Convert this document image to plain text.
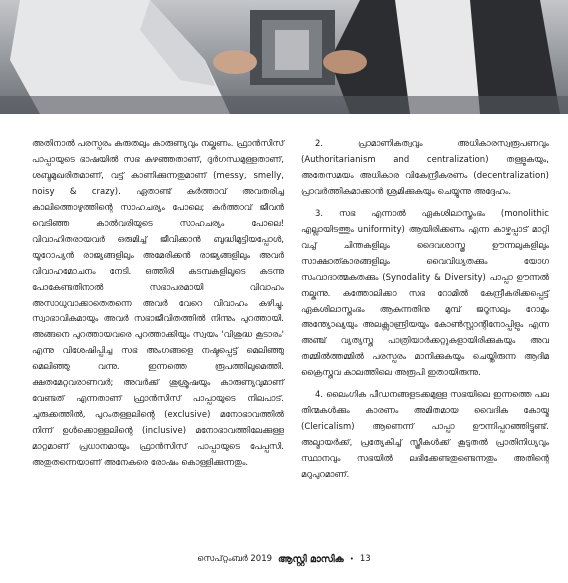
അതിനാൽ പരസ്പരം കരുതലും കാരുണ്യവും നല്കണം. ഫ്രാൻസിസ് പാപ്പായുടെ ഭാഷയിൽ സഭ കുഴഞ്ഞതാണ്, ദുർഗന്ധമുള്ളതാണ്, ശബ്ദമുഖരിതമാണ്, വട്ട് കാണിക്കുന്നതുമാണ് (messy, smelly, noisy & crazy). ഏതാണ്ട് കർത്താവ് അവതരിച്ച കാലിത്തൊഴുത്തിന്റെ സാഹചര്യം പോലെ; കർത്താവ് ജീവൻ വെടിഞ്ഞ കാൽവരിയുടെ സാഹചര്യം പോലെ! വിവാഹിതരായവർ ഒരുമിച്ച് ജീവിക്കാൻ ബുദ്ധിമുട്ടിയപ്പോൾ, യൂറോപ്യൻ രാജ്യങ്ങളിലും അമേരിക്കൻ രാജ്യങ്ങളിലും അവർ വിവാഹമോചനം നേടി. ഒത്തിരി കടമ്പകളിലൂടെ കടന്നു പോകേണ്ടതിനാൽ സഭാപരമായി വിവാഹം അസാധുവാക്കാതെതന്നെ അവർ വേറെ വിവാഹം കഴിച്ചു. സ്വാഭാവികമായും അവർ സഭാജീവിതത്തിൽ നിന്നും പുറത്തായി. അങ്ങനെ പുറത്തായവരെ പുറത്താക്കിയും സ്വയം 'വിശുദ്ധ കൂടാരം' എന്നു വിശേഷിപ്പിച്ച സഭ അംഗങ്ങളെ നഷ്ടപ്പെട്ട് മെലിഞ്ഞു മെലിഞ്ഞു വന്നു. ഇന്നത്തെ രൂപത്തിലുമെത്തി. ക്ഷതമേറ്റവരാണവർ; അവർക്ക് ശുശ്രൂഷയും കാരുണ്യവുമാണ് വേണ്ടത് എന്നതാണ് ഫ്രാൻസിസ് പാപ്പായുടെ നിലപാട്. ചുരുക്കത്തിൽ, പുറംതള്ളലിന്റെ (exclusive) മനോഭാവത്തിൽ നിന്ന് ഉൾക്കൊള്ളലിന്റെ (inclusive) മനോഭാവത്തിലേക്കുള്ള മാറ്റമാണ് പ്രധാനമായും ഫ്രാൻസിസ് പാപ്പായുടെ പേപ്പസി. അതുതന്നെയാണ് അനേകരെ രോഷം കൊള്ളിക്കുന്നതും.

2. പ്രാമാണികത്വവും അധികാരസ്വരൂപണവും (Authoritarianism and centralization) തള്ളുകയും, അതേസമയം അധികാര വികേന്ദ്രീകരണം (decentralization) പ്രാവർത്തികമാക്കാൻ ശ്രമിക്കുകയും ചെയ്യുന്നു അദ്ദേഹം.

3. സഭ എന്നാൽ ഏകശിലാസ്തംഭം (monolithic എല്ലായിടത്തും uniformity) ആയിരിക്കണം എന്ന കാഴ്ചപ്പാട് മാറ്റി വച്ച് ചിന്തകളിലും ദൈവശാസ്ത്ര ഊന്നലുകളിലും സാക്ഷാത്കാരങ്ങളിലും വൈവിധ്യതക്കും യോഗ സംവാദാത്മകതക്കും (Synodality & Diversity) പാപ്പാ ഊന്നൽ നല്കുന്നു. കത്തോലിക്കാ സഭ റോമിൽ കേന്ദ്രീകരിക്കപ്പെട്ട് ഏകശിലാസ്തംഭം ആകുന്നതിനു മുമ്പ് ജറൂസലും റോമും അന്ത്യോഖ്യയും അലക്സാണ്ട്രിയയും കോൺസ്റ്റാന്റിനോപ്പിളും എന്ന അഞ്ച് വ്യത്യസ്ത പാത്രിയാർക്കറ്റുകളായിരിക്കുകയും അവ തമ്മിൽത്തമ്മിൽ പരസ്പരം മാനിക്കുകയും ചെയ്തിരുന്ന ആദിമ ക്രൈസ്തവ കാലത്തിലെ അരൂപി ഇതായിരുന്നു.

4. ലൈംഗിക പീഡനങ്ങളടക്കമുള്ള സഭയിലെ ഇന്നത്തെ പല തിന്മകൾക്കും കാരണം അമിതമായ വൈദിക കോയ്മ (Clericalism) ആണെന്ന് പാപ്പാ ഊന്നിപ്പറഞ്ഞിട്ടുണ്ട്. അല്മായർക്ക്, പ്രത്യേകിച്ച് സ്ത്രീകൾക്ക് കൂടുതൽ പ്രാതിനിധ്യവും സ്ഥാനവും സഭയിൽ ലഭിക്കേണ്ടതുണ്ടെന്നതും അതിന്റെ മറുപുറമാണ്.

സെപ്റ്റംബർ 2019 ആസ്റ്റി മാസിക • 13
